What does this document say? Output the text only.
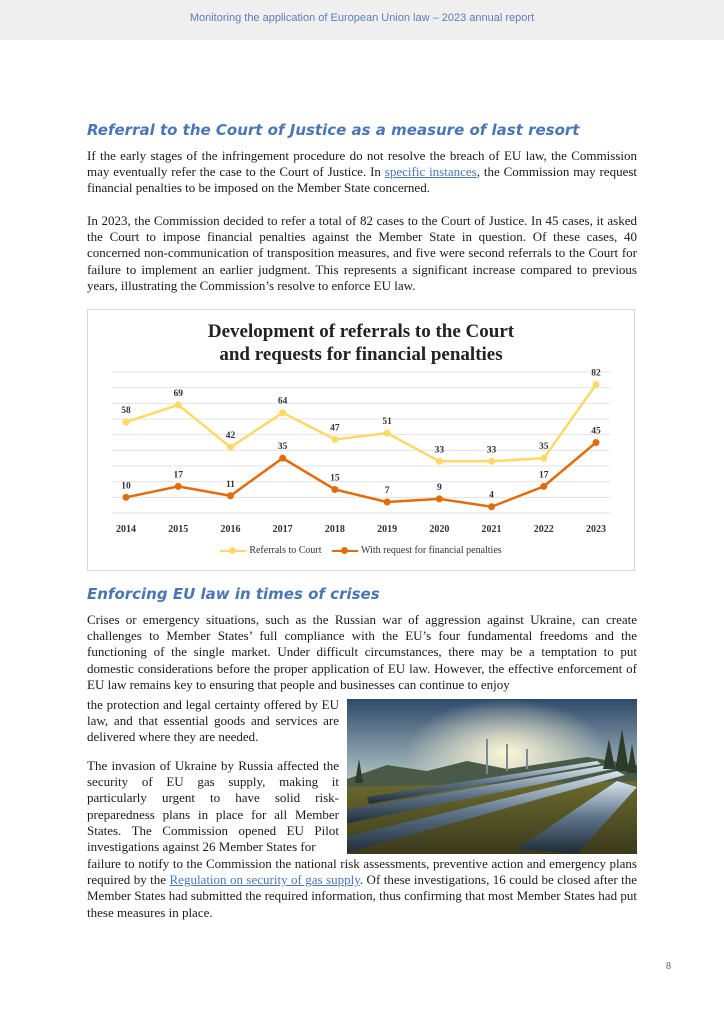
Monitoring the application of European Union law – 2023 annual report
Referral to the Court of Justice as a measure of last resort

If the early stages of the infringement procedure do not resolve the breach of EU law, the Commission may eventually refer the case to the Court of Justice. In specific instances, the Commission may request financial penalties to be imposed on the Member State concerned.

In 2023, the Commission decided to refer a total of 82 cases to the Court of Justice. In 45 cases, it asked the Court to impose financial penalties against the Member State in question. Of these cases, 40 concerned non-communication of transposition measures, and five were second referrals to the Court for failure to implement an earlier judgment. This represents a significant increase compared to previous years, illustrating the Commission’s resolve to enforce EU law.

Development of referrals to the Court
and requests for financial penalties
2014	2015	2016	2017	2018	2019	2020	2021	2022	2023
58
69
42
64
47
51
33	33	35
82
10
17
11
35
15
7	9
4
17
45
Referrals to Court	With request for financial penalties
Enforcing EU law in times of crises

Crises or emergency situations, such as the Russian war of aggression against Ukraine, can create challenges to Member States’ full compliance with the EU’s four fundamental freedoms and the functioning of the single market. Under difficult circumstances, there may be a temptation to put domestic considerations before the proper application of EU law. However, the effective enforcement of EU law remains key to ensuring that people and businesses can continue to enjoy

the protection and legal certainty offered by EU law, and that essential goods and services are delivered where they are needed.

The invasion of Ukraine by Russia affected the security of EU gas supply, making it particularly urgent to have solid risk-preparedness plans in place for all Member States. The Commission opened EU Pilot investigations against 26 Member States for

failure to notify to the Commission the national risk assessments, preventive action and emergency plans required by the Regulation on security of gas supply. Of these investigations, 16 could be closed after the Member States had submitted the required information, thus confirming that most Member States had put these measures in place.

8
